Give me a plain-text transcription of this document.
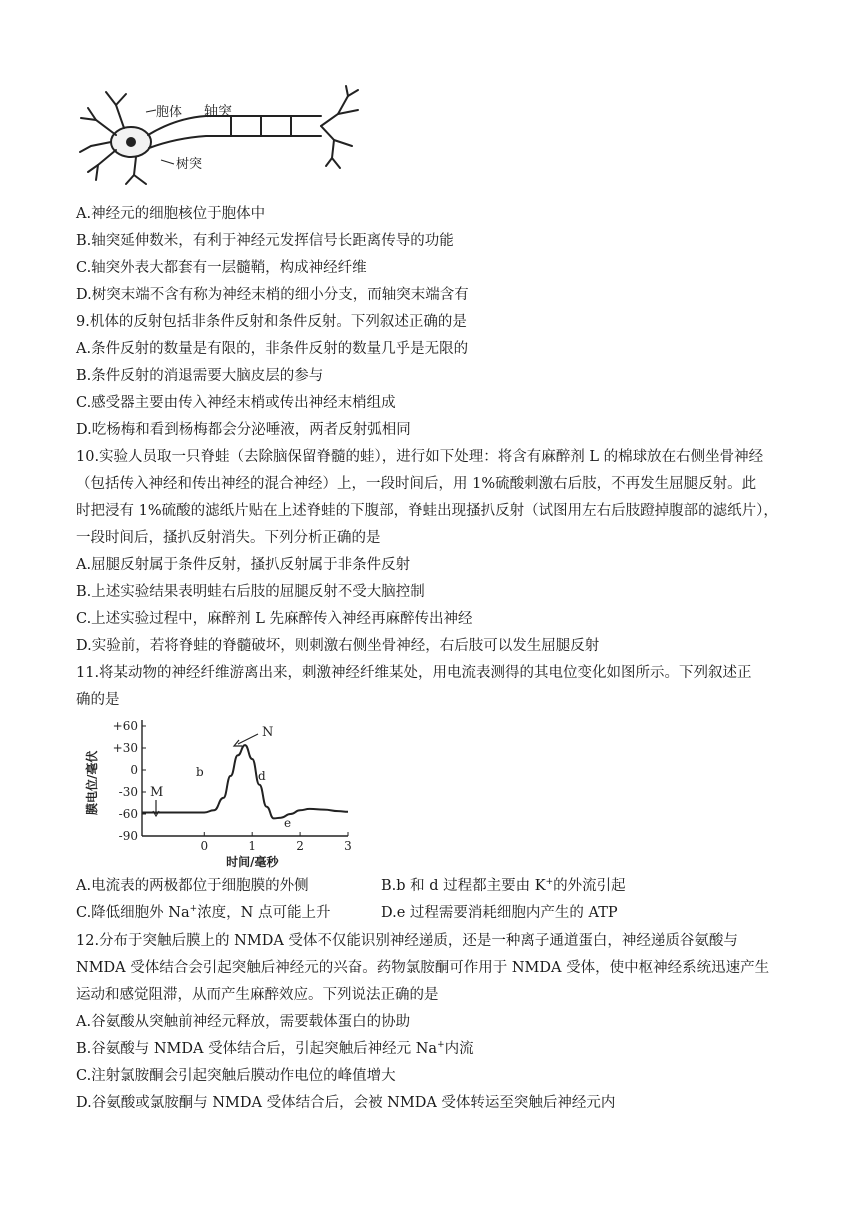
胞体 轴突
树突
A.神经元的细胞核位于胞体中
B.轴突延伸数米，有利于神经元发挥信号长距离传导的功能
C.轴突外表大都套有一层髓鞘，构成神经纤维
D.树突末端不含有称为神经末梢的细小分支，而轴突末端含有
9.机体的反射包括非条件反射和条件反射。下列叙述正确的是
A.条件反射的数量是有限的，非条件反射的数量几乎是无限的
B.条件反射的消退需要大脑皮层的参与
C.感受器主要由传入神经末梢或传出神经末梢组成
D.吃杨梅和看到杨梅都会分泌唾液，两者反射弧相同
10.实验人员取一只脊蛙（去除脑保留脊髓的蛙），进行如下处理：将含有麻醉剂 L 的棉球放在右侧坐骨神经
（包括传入神经和传出神经的混合神经）上，一段时间后，用 1%硫酸刺激右后肢，不再发生屈腿反射。此
时把浸有 1%硫酸的滤纸片贴在上述脊蛙的下腹部，脊蛙出现搔扒反射（试图用左右后肢蹬掉腹部的滤纸片），
一段时间后，搔扒反射消失。下列分析正确的是
A.屈腿反射属于条件反射，搔扒反射属于非条件反射
B.上述实验结果表明蛙右后肢的屈腿反射不受大脑控制
C.上述实验过程中，麻醉剂 L 先麻醉传入神经再麻醉传出神经
D.实验前，若将脊蛙的脊髓破坏，则刺激右侧坐骨神经，右后肢可以发生屈腿反射
11.将某动物的神经纤维游离出来，刺激神经纤维某处，用电流表测得的其电位变化如图所示。下列叙述正
确的是
+60
+30
0
-30
-60
-90
0	1	2	3
膜电位/毫伏
时间/毫秒
M
N
b	d
e
A.电流表的两极都位于细胞膜的外侧	B.b 和 d 过程都主要由 K+的外流引起
C.降低细胞外 Na+浓度，N 点可能上升	D.e 过程需要消耗细胞内产生的 ATP
12.分布于突触后膜上的 NMDA 受体不仅能识别神经递质，还是一种离子通道蛋白，神经递质谷氨酸与
NMDA 受体结合会引起突触后神经元的兴奋。药物氯胺酮可作用于 NMDA 受体，使中枢神经系统迅速产生
运动和感觉阻滞，从而产生麻醉效应。下列说法正确的是
A.谷氨酸从突触前神经元释放，需要载体蛋白的协助
B.谷氨酸与 NMDA 受体结合后，引起突触后神经元 Na+内流
C.注射氯胺酮会引起突触后膜动作电位的峰值增大
D.谷氨酸或氯胺酮与 NMDA 受体结合后，会被 NMDA 受体转运至突触后神经元内
